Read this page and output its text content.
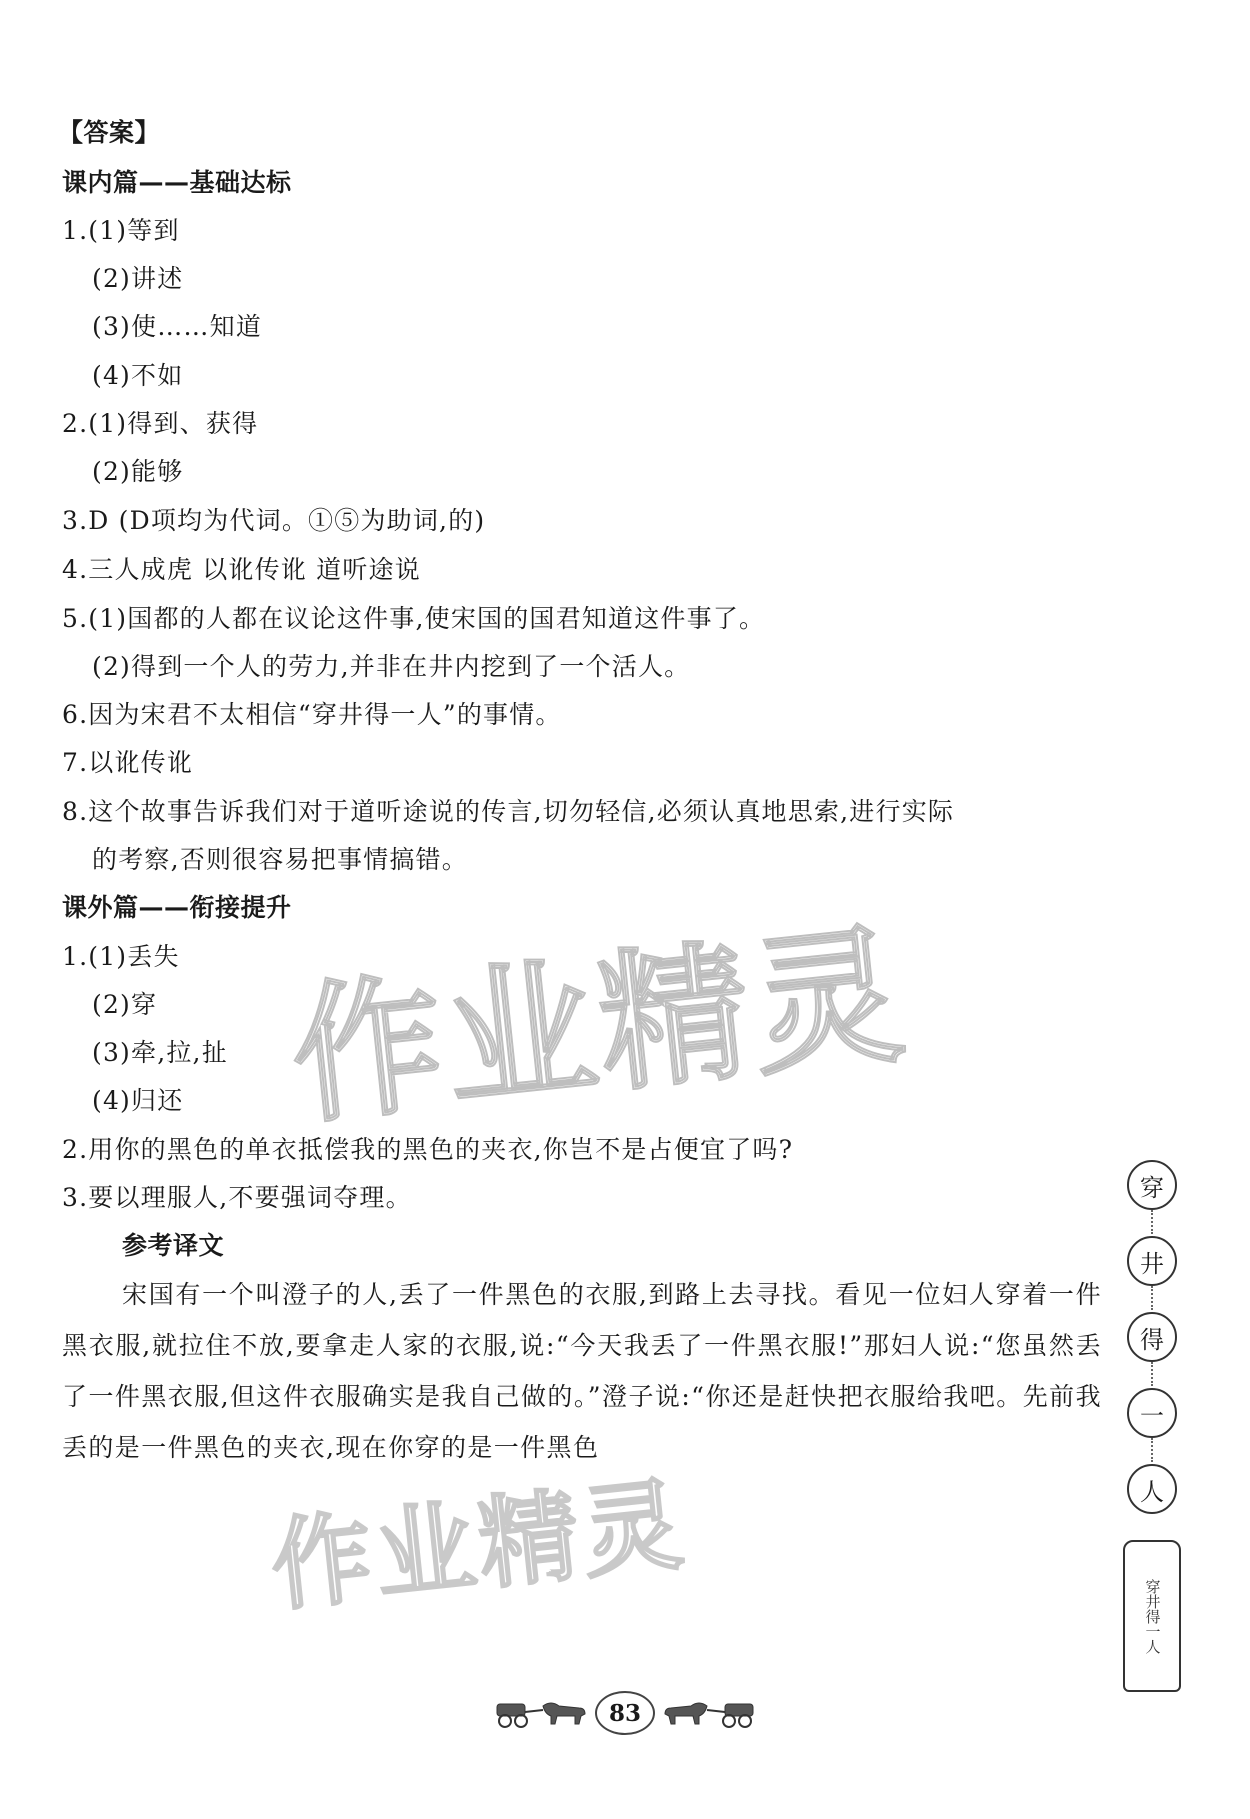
【答案】
课内篇——基础达标
1.(1)等到
(2)讲述
(3)使……知道
(4)不如
2.(1)得到、获得
(2)能够
3.D (D项均为代词。①⑤为助词,的)
4.三人成虎 以讹传讹 道听途说
5.(1)国都的人都在议论这件事,使宋国的国君知道这件事了。
(2)得到一个人的劳力,并非在井内挖到了一个活人。
6.因为宋君不太相信“穿井得一人”的事情。
7.以讹传讹
8.这个故事告诉我们对于道听途说的传言,切勿轻信,必须认真地思索,进行实际
的考察,否则很容易把事情搞错。
课外篇——衔接提升
1.(1)丢失
(2)穿
(3)牵,拉,扯
(4)归还
2.用你的黑色的单衣抵偿我的黑色的夹衣,你岂不是占便宜了吗?
3.要以理服人,不要强词夺理。
参考译文
宋国有一个叫澄子的人,丢了一件黑色的衣服,到路上去寻找。看见一位妇人穿着一件黑衣服,就拉住不放,要拿走人家的衣服,说:“今天我丢了一件黑衣服!”那妇人说:“您虽然丢了一件黑衣服,但这件衣服确实是我自己做的。”澄子说:“你还是赶快把衣服给我吧。先前我丢的是一件黑色的夹衣,现在你穿的是一件黑色
作业精灵
作业精灵
穿
井
得
一
人
穿井得一人
83
